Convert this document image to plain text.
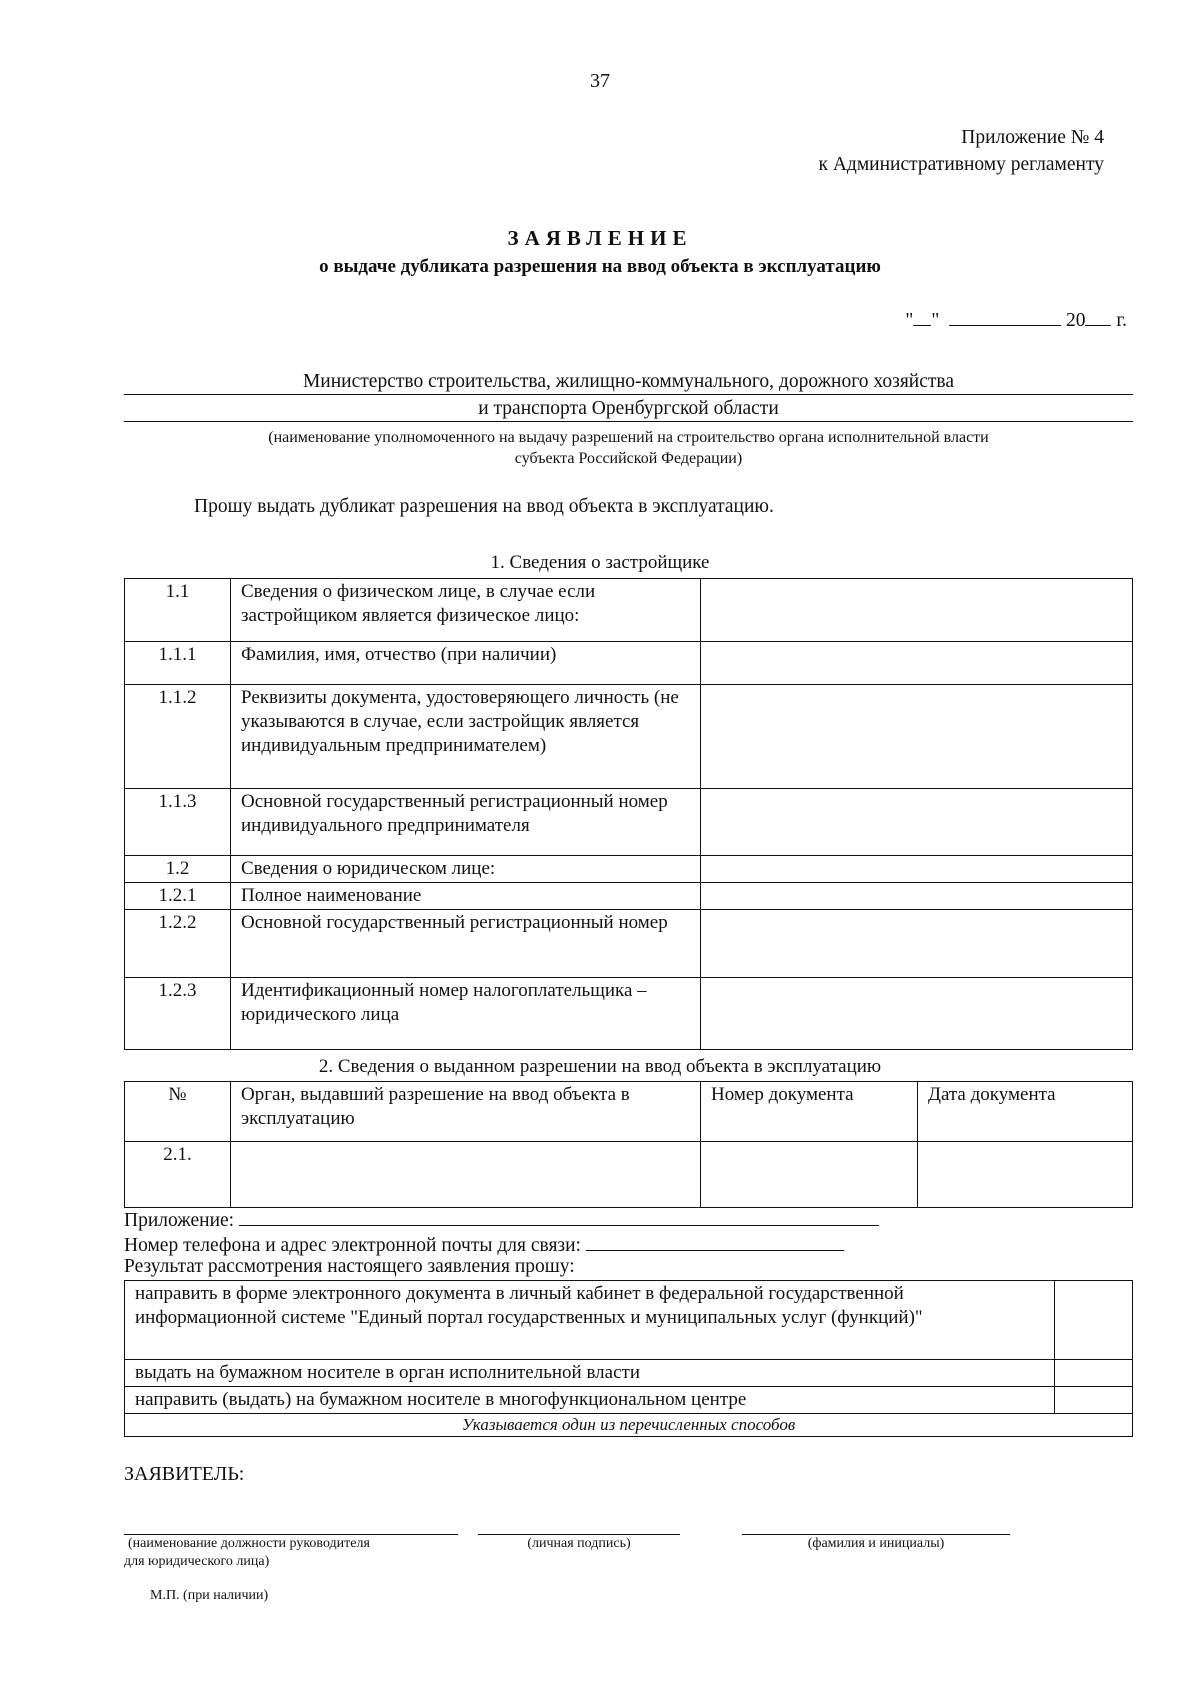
37
Приложение № 4
к Административному регламенту
ЗАЯВЛЕНИЕ
о выдаче дубликата разрешения на ввод объекта в эксплуатацию
" "	20 г.
Министерство строительства, жилищно-коммунального, дорожного хозяйства
и транспорта Оренбургской области
(наименование уполномоченного на выдачу разрешений на строительство органа исполнительной власти
субъекта Российской Федерации)
Прошу выдать дубликат разрешения на ввод объекта в эксплуатацию.
1. Сведения о застройщике
1.1	Сведения о физическом лице, в случае если застройщиком является физическое лицо:	
1.1.1	Фамилия, имя, отчество (при наличии)	
1.1.2	Реквизиты документа, удостоверяющего личность (не указываются в случае, если застройщик является индивидуальным предпринимателем)	
1.1.3	Основной государственный регистрационный номер индивидуального предпринимателя	
1.2	Сведения о юридическом лице:	
1.2.1	Полное наименование	
1.2.2	Основной государственный регистрационный номер	
1.2.3	Идентификационный номер налогоплательщика – юридического лица	
2. Сведения о выданном разрешении на ввод объекта в эксплуатацию
№	Орган, выдавший разрешение на ввод объекта в эксплуатацию	Номер документа	Дата документа
2.1.			
Приложение:
Номер телефона и адрес электронной почты для связи:
Результат рассмотрения настоящего заявления прошу:
направить в форме электронного документа в личный кабинет в федеральной государственной информационной системе "Единый портал государственных и муниципальных услуг (функций)"	
выдать на бумажном носителе в орган исполнительной власти	
направить (выдать) на бумажном носителе в многофункциональном центре	
Указывается один из перечисленных способов	
ЗАЯВИТЕЛЬ:
(наименование должности руководителя
для юридического лица)
(личная подпись)	(фамилия и инициалы)
М.П. (при наличии)
